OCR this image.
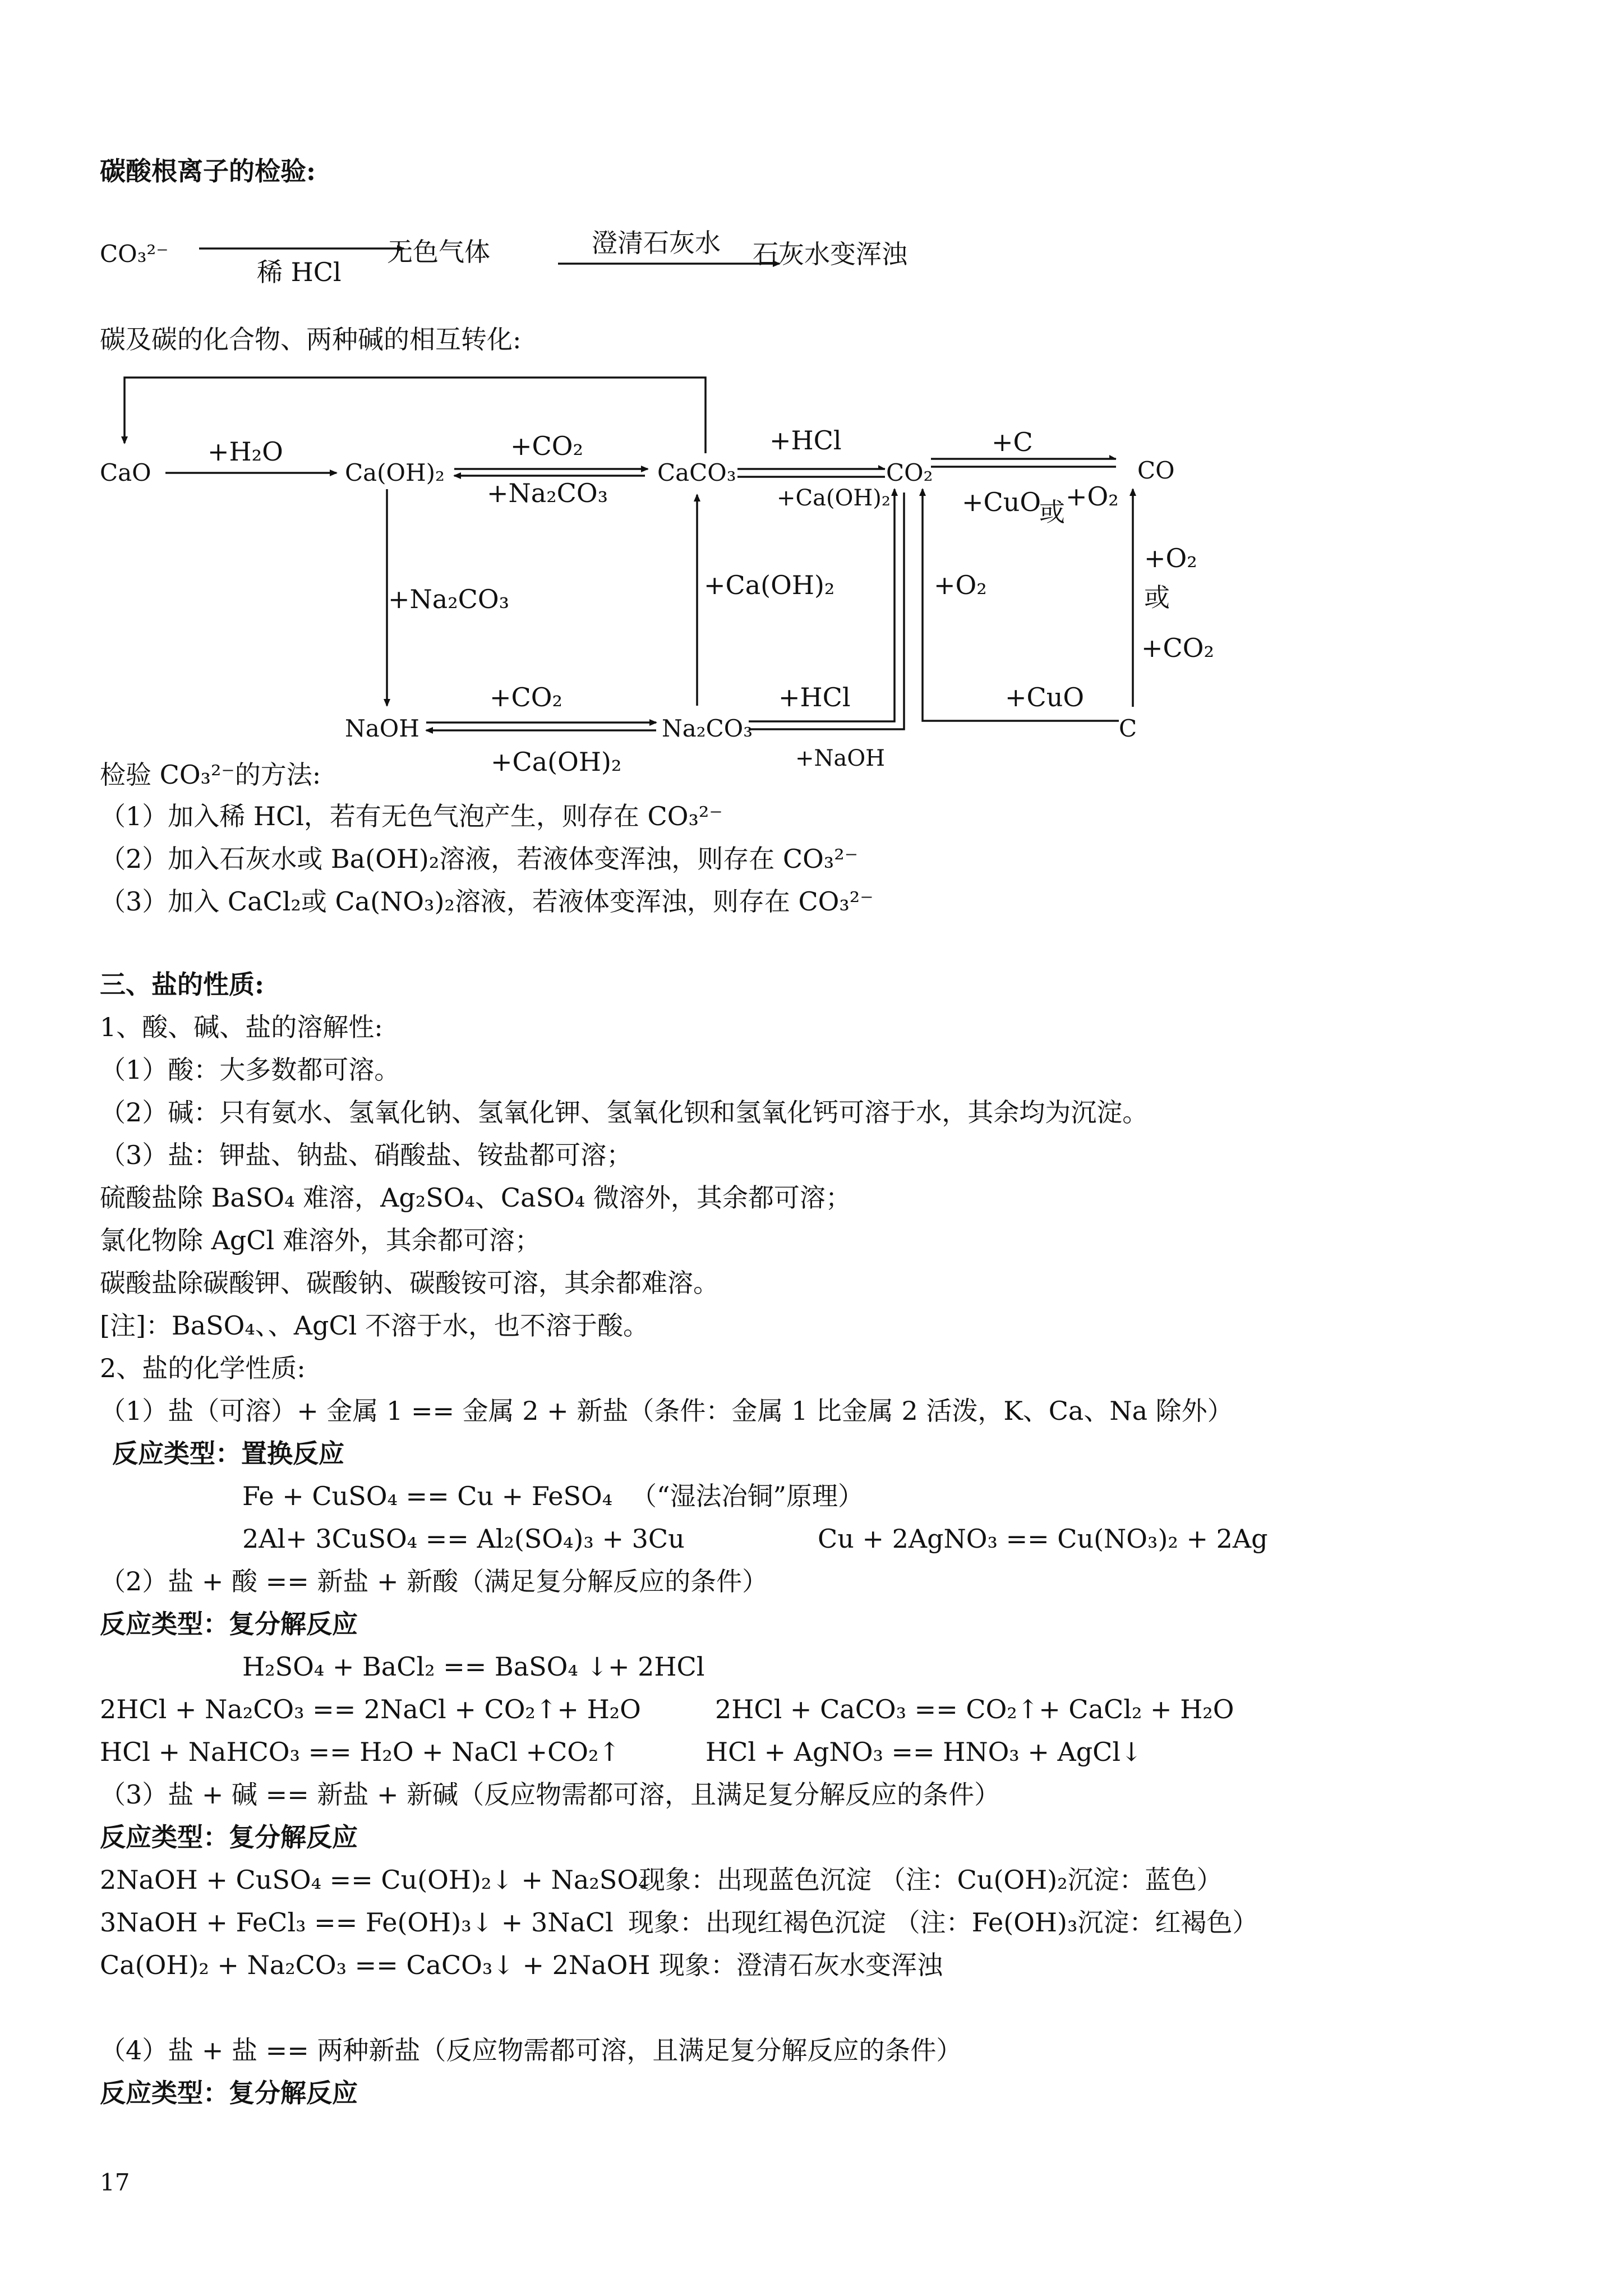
碳酸根离子的检验:
CO₃²⁻
稀 HCl
无色气体	澄清石灰水 石灰水变浑浊
碳及碳的化合物、两种碱的相互转化:
CaO	Ca(OH)₂	CaCO₃	CO₂	CO
NaOH	Na₂CO₃	C
+H₂O	+CO₂
+Na₂CO₃
+HCl
+Ca(OH)₂
+C
+CuO
或
+O₂
+Na₂CO₃	+Ca(OH)₂	+O₂
+O₂
或
+CO₂
+CO₂
+Ca(OH)₂
+HCl
+NaOH
+CuO
检验 CO₃²⁻的方法:
（1）加入稀 HCl，若有无色气泡产生，则存在 CO₃²⁻
（2）加入石灰水或 Ba(OH)₂溶液，若液体变浑浊，则存在 CO₃²⁻
（3）加入 CaCl₂或 Ca(NO₃)₂溶液，若液体变浑浊，则存在 CO₃²⁻
三、盐的性质:
1、酸、碱、盐的溶解性:
（1）酸：大多数都可溶。
（2）碱：只有氨水、氢氧化钠、氢氧化钾、氢氧化钡和氢氧化钙可溶于水，其余均为沉淀。
（3）盐：钾盐、钠盐、硝酸盐、铵盐都可溶；
硫酸盐除 BaSO₄ 难溶，Ag₂SO₄、CaSO₄ 微溶外，其余都可溶；
氯化物除 AgCl 难溶外，其余都可溶；
碳酸盐除碳酸钾、碳酸钠、碳酸铵可溶，其余都难溶。
[注]：BaSO₄、、AgCl 不溶于水，也不溶于酸。
2、盐的化学性质:
（1）盐（可溶）+ 金属 1 == 金属 2 + 新盐（条件：金属 1 比金属 2 活泼，K、Ca、Na 除外）
反应类型：置换反应
Fe + CuSO₄ == Cu + FeSO₄ （“湿法冶铜”原理）
2Al+ 3CuSO₄ == Al₂(SO₄)₃ + 3Cu	Cu + 2AgNO₃ == Cu(NO₃)₂ + 2Ag
（2）盐 + 酸 == 新盐 + 新酸（满足复分解反应的条件）
反应类型：复分解反应
H₂SO₄ + BaCl₂ == BaSO₄ ↓+ 2HCl
2HCl + Na₂CO₃ == 2NaCl + CO₂↑+ H₂O	2HCl + CaCO₃ == CO₂↑+ CaCl₂ + H₂O
HCl + NaHCO₃ == H₂O + NaCl +CO₂↑	HCl + AgNO₃ == HNO₃ + AgCl↓
（3）盐 + 碱 == 新盐 + 新碱（反应物需都可溶，且满足复分解反应的条件）
反应类型：复分解反应
2NaOH + CuSO₄ == Cu(OH)₂↓ + Na₂SO₄
现象：出现蓝色沉淀 （注：Cu(OH)₂沉淀：蓝色）
3NaOH + FeCl₃ == Fe(OH)₃↓ + 3NaCl 现象：出现红褐色沉淀 （注：Fe(OH)₃沉淀：红褐色）
Ca(OH)₂ + Na₂CO₃ == CaCO₃↓ + 2NaOH 现象：澄清石灰水变浑浊
（4）盐 + 盐 == 两种新盐（反应物需都可溶，且满足复分解反应的条件）
反应类型：复分解反应
17
